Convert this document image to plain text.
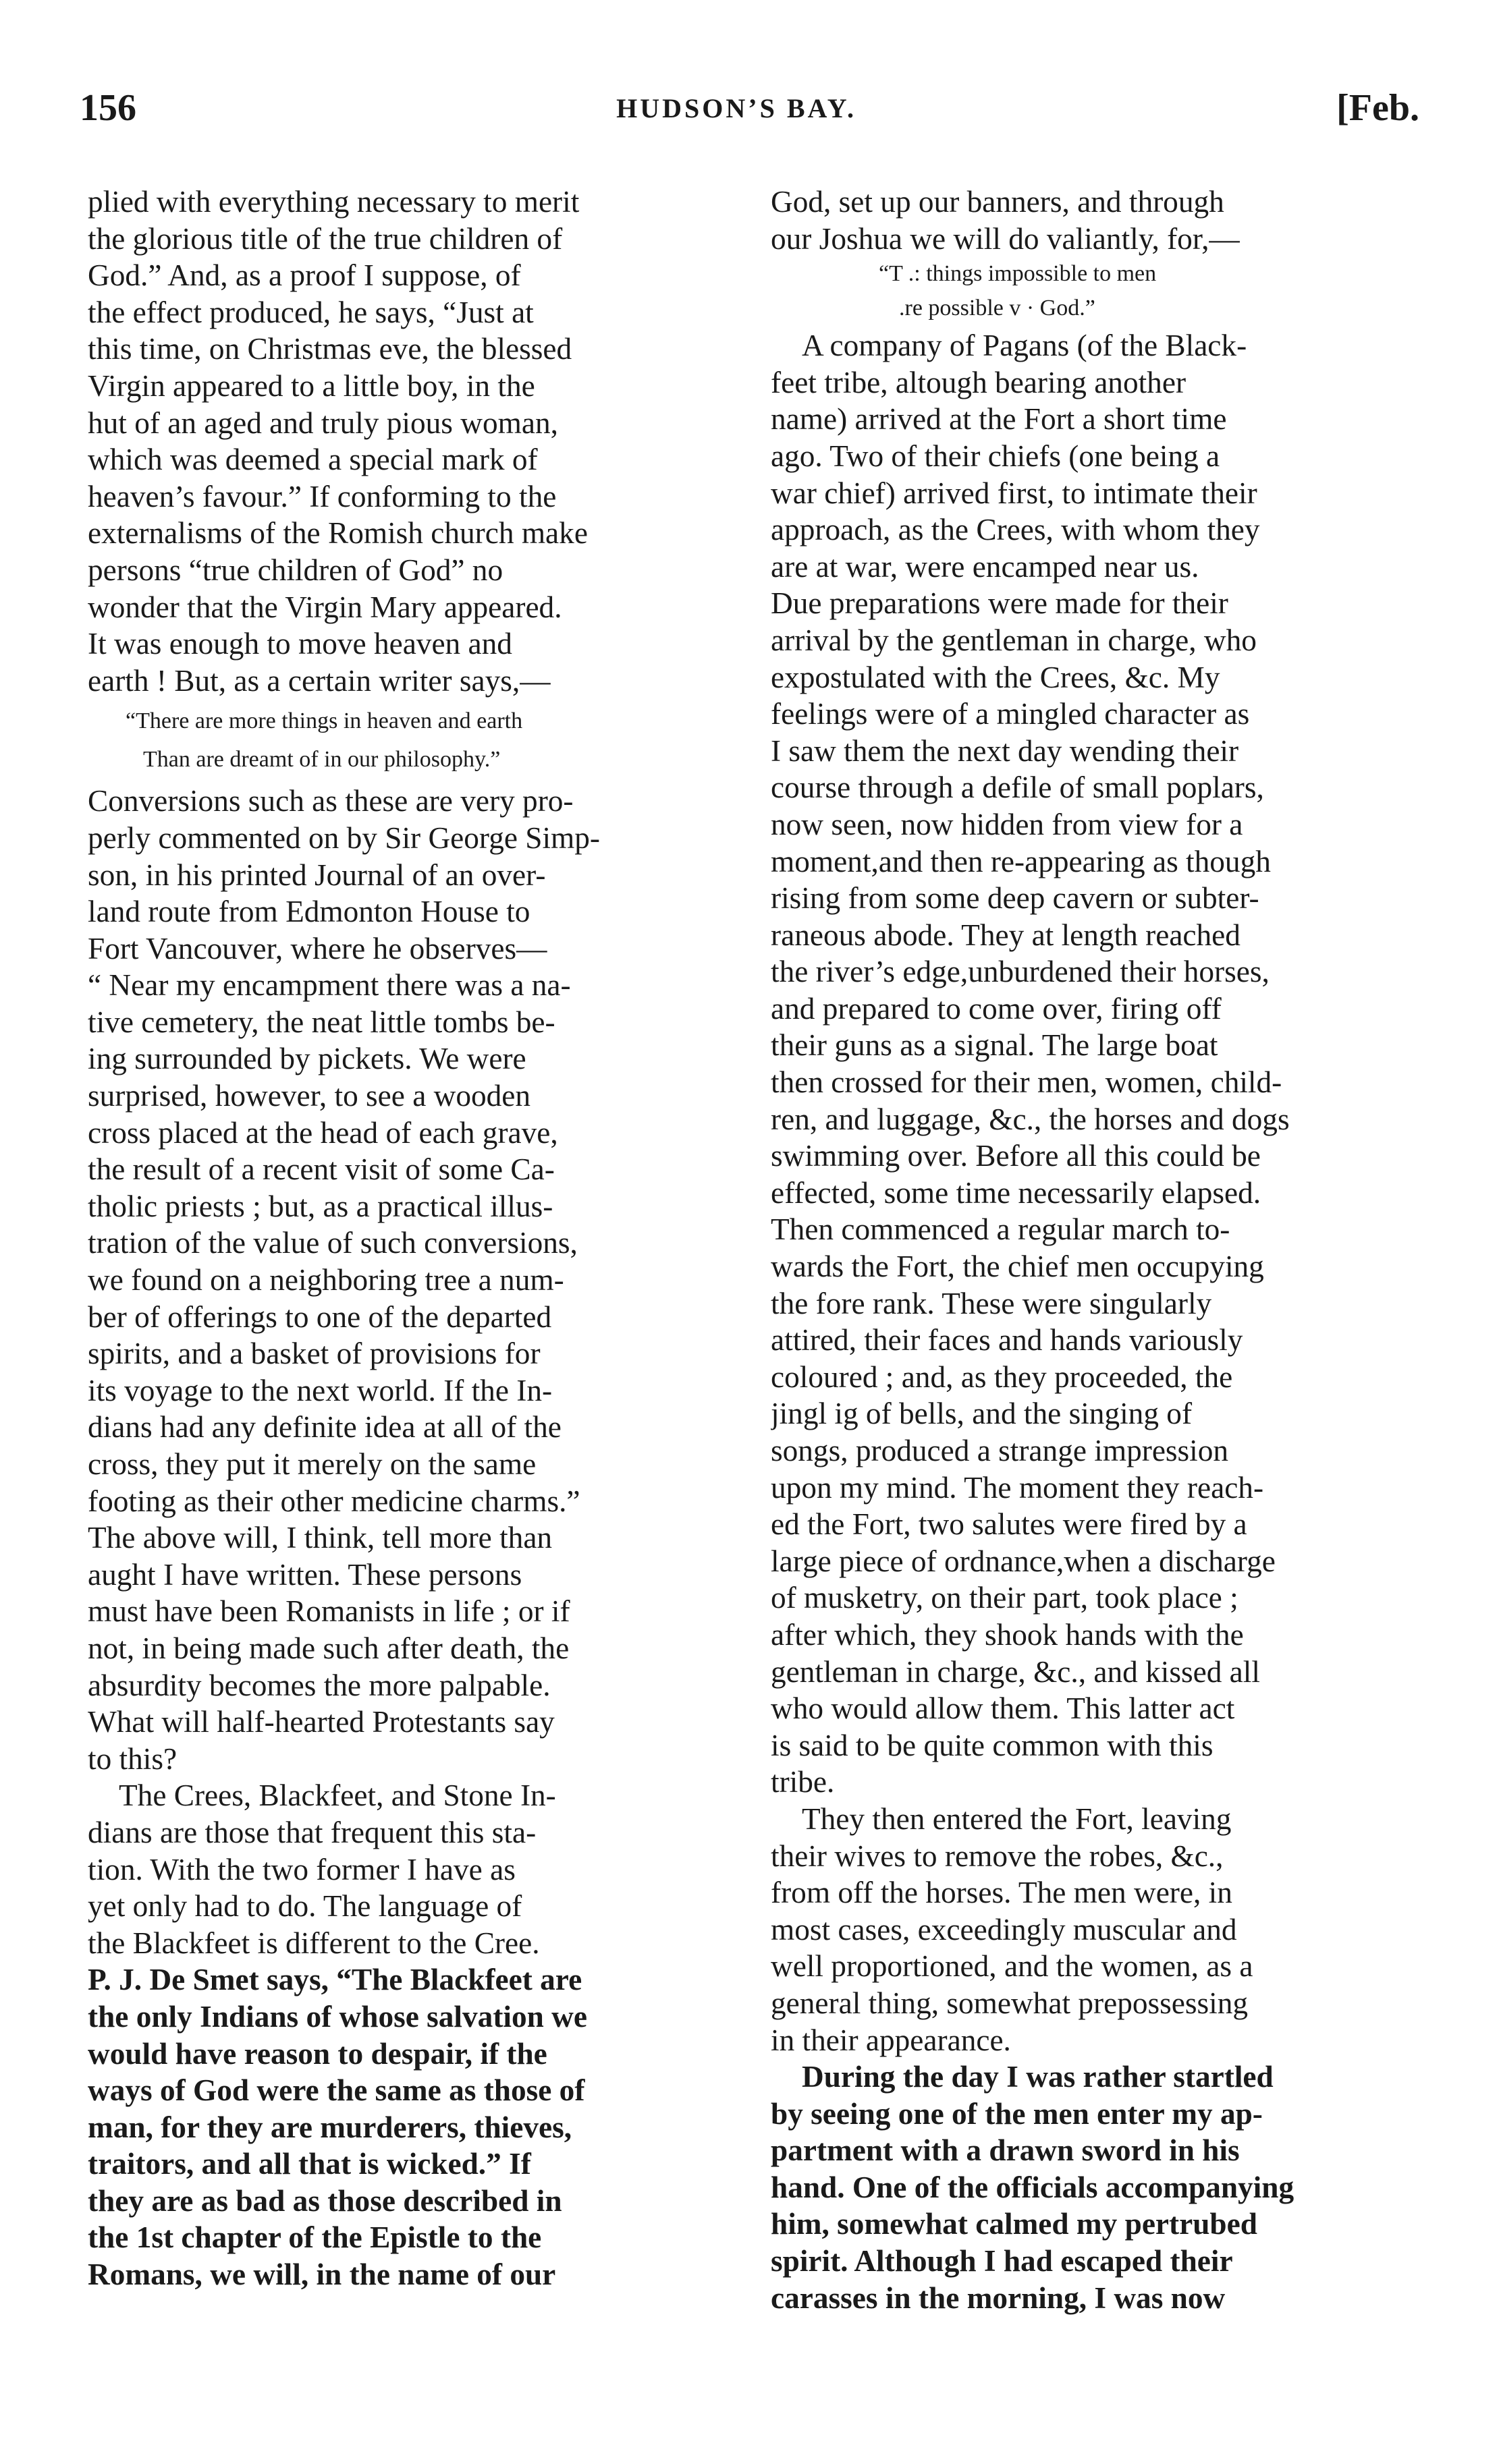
156	HUDSON’S BAY.	[Feb.
plied with everything necessary to merit
the glorious title of the true children of
God.” And, as a proof I suppose, of
the effect produced, he says, “Just at
this time, on Christmas eve, the blessed
Virgin appeared to a little boy, in the
hut of an aged and truly pious woman,
which was deemed a special mark of
heaven’s favour.” If conforming to the
externalisms of the Romish church make
persons “true children of God” no
wonder that the Virgin Mary appeared.
It was enough to move heaven and
earth ! But, as a certain writer says,—
“There are more things in heaven and earth
Than are dreamt of in our philosophy.”
Conversions such as these are very pro-
perly commented on by Sir George Simp-
son, in his printed Journal of an over-
land route from Edmonton House to
Fort Vancouver, where he observes—
“ Near my encampment there was a na-
tive cemetery, the neat little tombs be-
ing surrounded by pickets. We were
surprised, however, to see a wooden
cross placed at the head of each grave,
the result of a recent visit of some Ca-
tholic priests ; but, as a practical illus-
tration of the value of such conversions,
we found on a neighboring tree a num-
ber of offerings to one of the departed
spirits, and a basket of provisions for
its voyage to the next world. If the In-
dians had any definite idea at all of the
cross, they put it merely on the same
footing as their other medicine charms.”
The above will, I think, tell more than
aught I have written. These persons
must have been Romanists in life ; or if
not, in being made such after death, the
absurdity becomes the more palpable.
What will half-hearted Protestants say
to this?
The Crees, Blackfeet, and Stone In-
dians are those that frequent this sta-
tion. With the two former I have as
yet only had to do. The language of
the Blackfeet is different to the Cree.
P. J. De Smet says, “The Blackfeet are
the only Indians of whose salvation we
would have reason to despair, if the
ways of God were the same as those of
man, for they are murderers, thieves,
traitors, and all that is wicked.” If
they are as bad as those described in
the 1st chapter of the Epistle to the
Romans, we will, in the name of our
God, set up our banners, and through
our Joshua we will do valiantly, for,—
“T .: things impossible to men
.re possible v · God.”
A company of Pagans (of the Black-
feet tribe, altough bearing another
name) arrived at the Fort a short time
ago. Two of their chiefs (one being a
war chief) arrived first, to intimate their
approach, as the Crees, with whom they
are at war, were encamped near us.
Due preparations were made for their
arrival by the gentleman in charge, who
expostulated with the Crees, &c. My
feelings were of a mingled character as
I saw them the next day wending their
course through a defile of small poplars,
now seen, now hidden from view for a
moment,and then re-appearing as though
rising from some deep cavern or subter-
raneous abode. They at length reached
the river’s edge,unburdened their horses,
and prepared to come over, firing off
their guns as a signal. The large boat
then crossed for their men, women, child-
ren, and luggage, &c., the horses and dogs
swimming over. Before all this could be
effected, some time necessarily elapsed.
Then commenced a regular march to-
wards the Fort, the chief men occupying
the fore rank. These were singularly
attired, their faces and hands variously
coloured ; and, as they proceeded, the
jingl ig of bells, and the singing of
songs, produced a strange impression
upon my mind. The moment they reach-
ed the Fort, two salutes were fired by a
large piece of ordnance,when a discharge
of musketry, on their part, took place ;
after which, they shook hands with the
gentleman in charge, &c., and kissed all
who would allow them. This latter act
is said to be quite common with this
tribe.
They then entered the Fort, leaving
their wives to remove the robes, &c.,
from off the horses. The men were, in
most cases, exceedingly muscular and
well proportioned, and the women, as a
general thing, somewhat prepossessing
in their appearance.
During the day I was rather startled
by seeing one of the men enter my ap-
partment with a drawn sword in his
hand. One of the officials accompanying
him, somewhat calmed my pertrubed
spirit. Although I had escaped their
carasses in the morning, I was now
